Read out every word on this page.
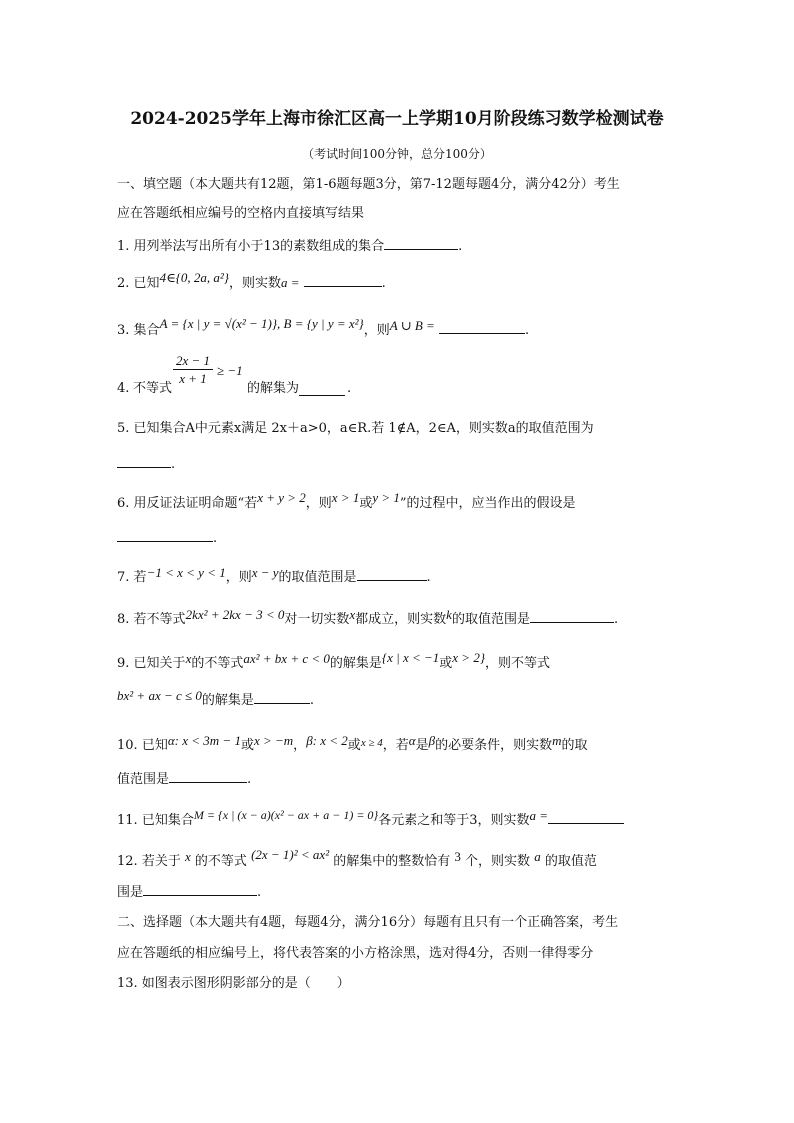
2024-2025学年上海市徐汇区高一上学期10月阶段练习数学检测试卷
（考试时间100分钟，总分100分）
一、填空题（本大题共有12题，第1-6题每题3分，第7-12题每题4分，满分42分）考生
应在答题纸相应编号的空格内直接填写结果
1. 用列举法写出所有小于13的素数组成的集合	.
2. 已知4∈{0, 2a, a²}，则实数a =	.
3. 集合A = {x | y = √(x² − 1)}, B = {y | y = x²}，则A ∪ B =	.
4. 不等式
$\frac{2x - 1}{x + 1} \ge -1$
的解集为	.
5. 已知集合A中元素x满足 2x＋a>0，a∈R.若 1∉A，2∈A，则实数a的取值范围为
.
6. 用反证法证明命题“若x + y > 2，则x > 1或y > 1”的过程中，应当作出的假设是
.
7. 若−1 < x < y < 1，则x − y的取值范围是	.
8. 若不等式2kx² + 2kx − 3 < 0对一切实数x都成立，则实数k的取值范围是	.
9. 已知关于x的不等式ax² + bx + c < 0的解集是{x | x < −1或x > 2}，则不等式
bx² + ax − c ≤ 0的解集是	.
10. 已知α: x < 3m − 1或x > −m，β: x < 2或$^{x \ge 4}$，若α是β的必要条件，则实数m的取
值范围是	.
11. 已知集合M = {x | (x − a)(x² − ax + a − 1) = 0}各元素之和等于3，则实数a =
12. 若关于 x 的不等式 (2x − 1)² < ax² 的解集中的整数恰有 3 个，则实数 a 的取值范
围是	.
二、选择题（本大题共有4题，每题4分，满分16分）每题有且只有一个正确答案，考生
应在答题纸的相应编号上，将代表答案的小方格涂黑，选对得4分，否则一律得零分
13. 如图表示图形阴影部分的是（　　）
